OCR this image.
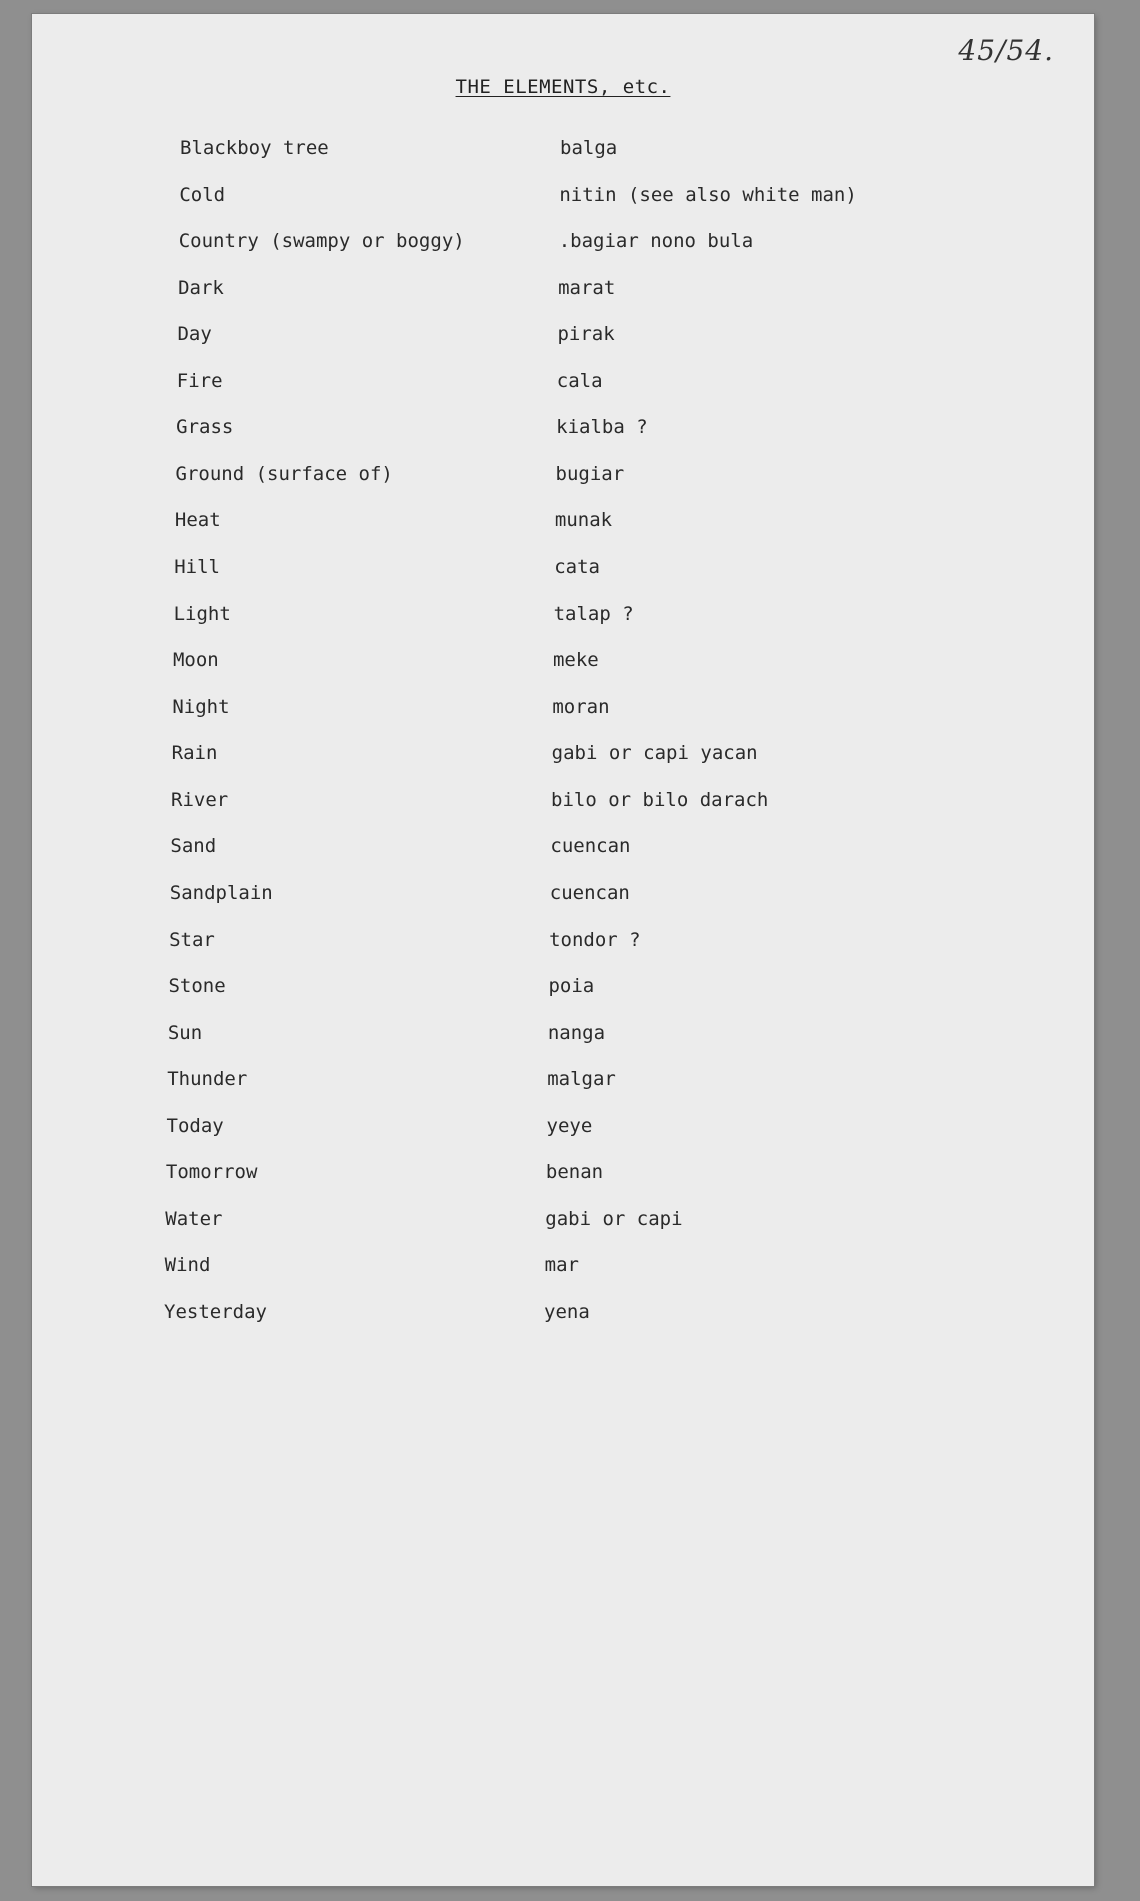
45/54.
THE ELEMENTS, etc.
Blackboy tree	balga
Cold	nitin (see also white man)
Country (swampy or boggy)	.bagiar nono bula
Dark	marat
Day	pirak
Fire	cala
Grass	kialba ?
Ground (surface of)	bugiar
Heat	munak
Hill	cata
Light	talap ?
Moon	meke
Night	moran
Rain	gabi or capi yacan
River	bilo or bilo darach
Sand	cuencan
Sandplain	cuencan
Star	tondor ?
Stone	poia
Sun	nanga
Thunder	malgar
Today	yeye
Tomorrow	benan
Water	gabi or capi
Wind	mar
Yesterday	yena
